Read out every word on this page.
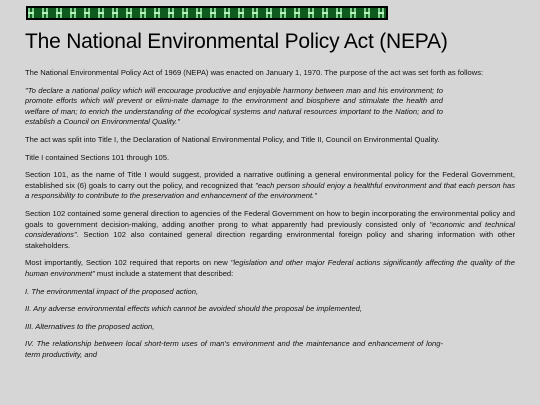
The National Environmental Policy Act (NEPA)

The National Environmental Policy Act of 1969 (NEPA) was enacted on January 1, 1970. The purpose of the act was set forth as follows:

"To declare a national policy which will encourage productive and enjoyable harmony between man and his environment; to promote efforts which will prevent or elimi-nate damage to the environment and biosphere and stimulate the health and welfare of man; to enrich the understanding of the ecological systems and natural resources important to the Nation; and to establish a Council on Environmental Quality."

The act was split into Title I, the Declaration of National Environmental Policy, and Title II, Council on Environmental Quality.

Title I contained Sections 101 through 105.

Section 101, as the name of Title I would suggest, provided a narrative outlining a general environmental policy for the Federal Government, established six (6) goals to carry out the policy, and recognized that "each person should enjoy a healthful environment and that each person has a responsibility to contribute to the preservation and enhancement of the environment."

Section 102 contained some general direction to agencies of the Federal Government on how to begin incorporating the environmental policy and goals to government decision-making, adding another prong to what apparently had previously consisted only of "economic and technical considerations". Section 102 also contained general direction regarding environmental foreign policy and sharing information with other stakeholders.

Most importantly, Section 102 required that reports on new "legislation and other major Federal actions significantly affecting the quality of the human environment" must include a statement that described:

I. The environmental impact of the proposed action,

II. Any adverse environmental effects which cannot be avoided should the proposal be implemented,

III. Alternatives to the proposed action,

IV. The relationship between local short-term uses of man's environment and the maintenance and enhancement of long-term productivity, and
